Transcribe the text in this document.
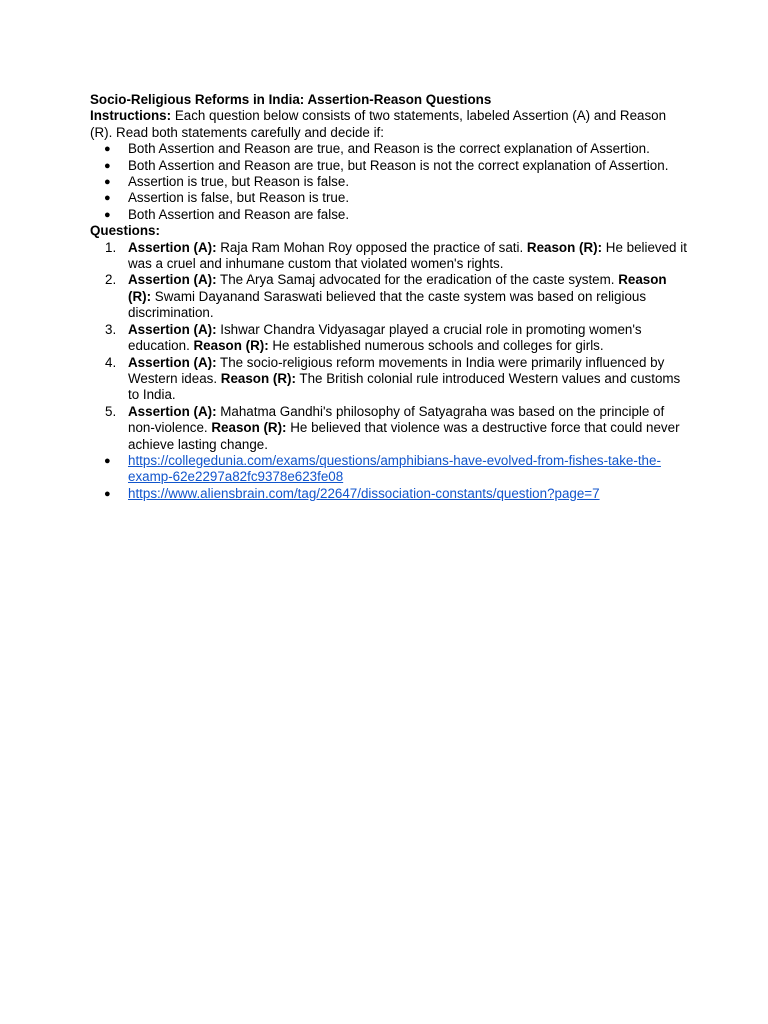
Socio-Religious Reforms in India: Assertion-Reason Questions

Instructions: Each question below consists of two statements, labeled Assertion (A) and Reason (R). Read both statements carefully and decide if:

● Both Assertion and Reason are true, and Reason is the correct explanation of Assertion.
● Both Assertion and Reason are true, but Reason is not the correct explanation of Assertion.
● Assertion is true, but Reason is false.
● Assertion is false, but Reason is true.
● Both Assertion and Reason are false.

Questions:

1. Assertion (A): Raja Ram Mohan Roy opposed the practice of sati. Reason (R): He believed it was a cruel and inhumane custom that violated women's rights.
2. Assertion (A): The Arya Samaj advocated for the eradication of the caste system. Reason (R): Swami Dayanand Saraswati believed that the caste system was based on religious discrimination.
3. Assertion (A): Ishwar Chandra Vidyasagar played a crucial role in promoting women's education. Reason (R): He established numerous schools and colleges for girls.
4. Assertion (A): The socio-religious reform movements in India were primarily influenced by Western ideas. Reason (R): The British colonial rule introduced Western values and customs to India.
5. Assertion (A): Mahatma Gandhi's philosophy of Satyagraha was based on the principle of non-violence. Reason (R): He believed that violence was a destructive force that could never achieve lasting change.
● https://collegedunia.com/exams/questions/amphibians-have-evolved-from-fishes-take-the-examp-62e2297a82fc9378e623fe08
● https://www.aliensbrain.com/tag/22647/dissociation-constants/question?page=7
